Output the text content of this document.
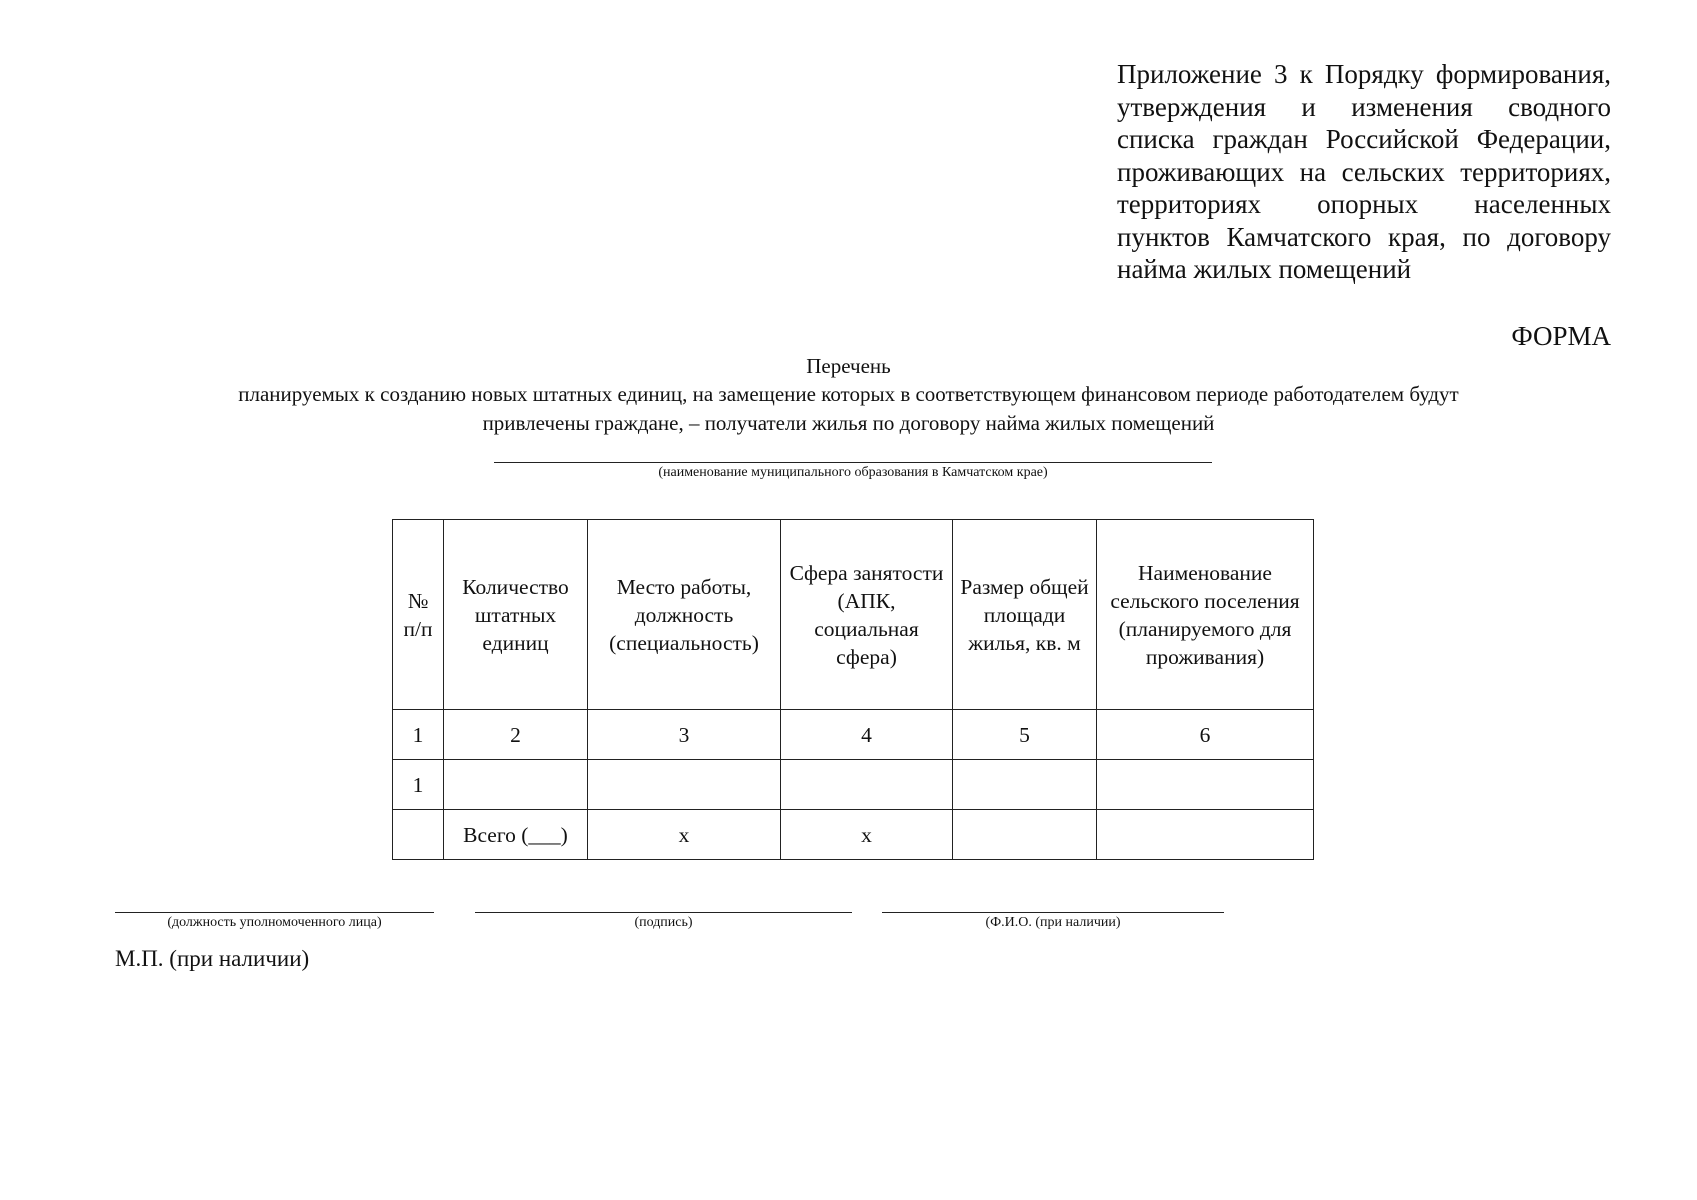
Приложение 3 к Порядку формирования,
утверждения и изменения сводного
списка граждан Российской Федерации,
проживающих на сельских территориях,
территориях опорных населенных
пунктов Камчатского края, по договору
найма жилых помещений
ФОРМА
Перечень
планируемых к созданию новых штатных единиц, на замещение которых в соответствующем финансовом периоде работодателем будут
привлечены граждане, – получатели жилья по договору найма жилых помещений
(наименование муниципального образования в Камчатском крае)
№ п/п	Количество штатных единиц	Место работы, должность (специальность)	Сфера занятости (АПК, социальная сфера)	Размер общей площади жилья, кв. м	Наименование сельского поселения (планируемого для проживания)
1	2	3	4	5	6
1					
	Всего (___)	x	x		
(должность уполномоченного лица)	(подпись)	(Ф.И.О. (при наличии)
М.П. (при наличии)
